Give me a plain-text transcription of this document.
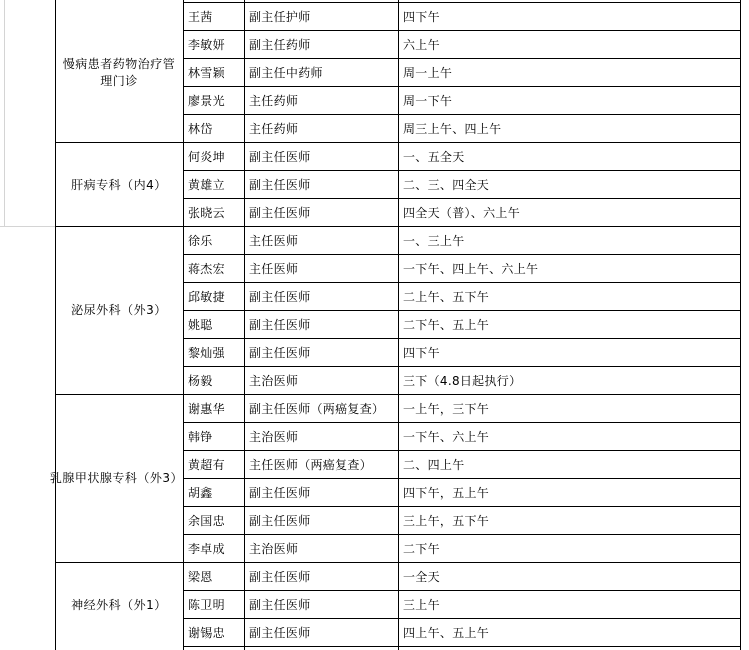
慢病患者药物治疗管理门诊
王茜	副主任护师	四下午
李敏妍 副主任药师	六上午
林雪颖 副主任中药师	周一上午
廖景光 主任药师	周一下午
林岱	主任药师	周三上午、四上午
肝病专科（内4）
何炎坤 副主任医师	一、五全天
黄雄立 副主任医师	二、三、四全天
张晓云 副主任医师	四全天（普）、六上午
泌尿外科（外3）
徐乐	主任医师	一、三上午
蒋杰宏 主任医师	一下午、四上午、六上午
邱敏捷 副主任医师	二上午、五下午
姚聪	副主任医师	二下午、五上午
黎灿强 副主任医师	四下午
杨毅	主治医师	三下（4.8日起执行）
乳腺甲状腺专科（外3）
谢惠华 副主任医师（两癌复查） 一上午，三下午
韩铮	主治医师	一下午、六上午
黄超有 主任医师（两癌复查）	二、四上午
胡鑫	副主任医师	四下午，五上午
余国忠 副主任医师	三上午，五下午
李卓成 主治医师	二下午
神经外科（外1）
梁恩	副主任医师	一全天
陈卫明 副主任医师	三上午
谢锡忠 副主任医师	四上午、五上午
